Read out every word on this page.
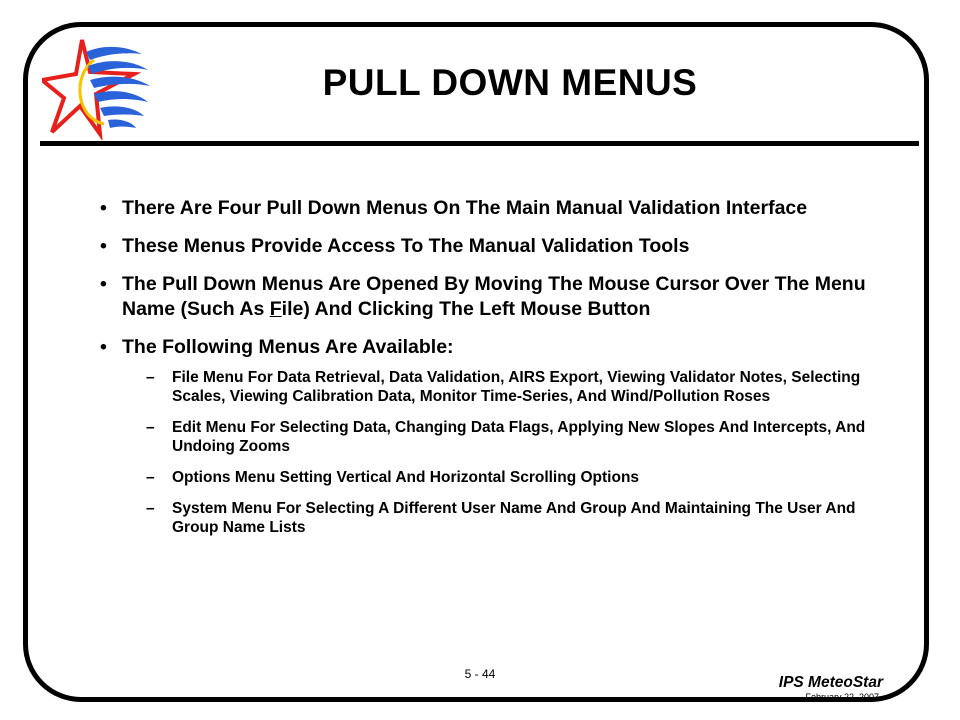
PULL DOWN MENUS
• There Are Four Pull Down Menus On The Main Manual Validation Interface
• These Menus Provide Access To The Manual Validation Tools
• The Pull Down Menus Are Opened By Moving The Mouse Cursor Over The Menu Name (Such As File) And Clicking The Left Mouse Button
• The Following Menus Are Available:
– File Menu For Data Retrieval, Data Validation, AIRS Export, Viewing Validator Notes, Selecting Scales, Viewing Calibration Data, Monitor Time-Series, And Wind/Pollution Roses
– Edit Menu For Selecting Data, Changing Data Flags, Applying New Slopes And Intercepts, And Undoing Zooms
– Options Menu Setting Vertical And Horizontal Scrolling Options
– System Menu For Selecting A Different User Name And Group And Maintaining The User And Group Name Lists
5 - 44	IPS MeteoStar
February 22, 2007
